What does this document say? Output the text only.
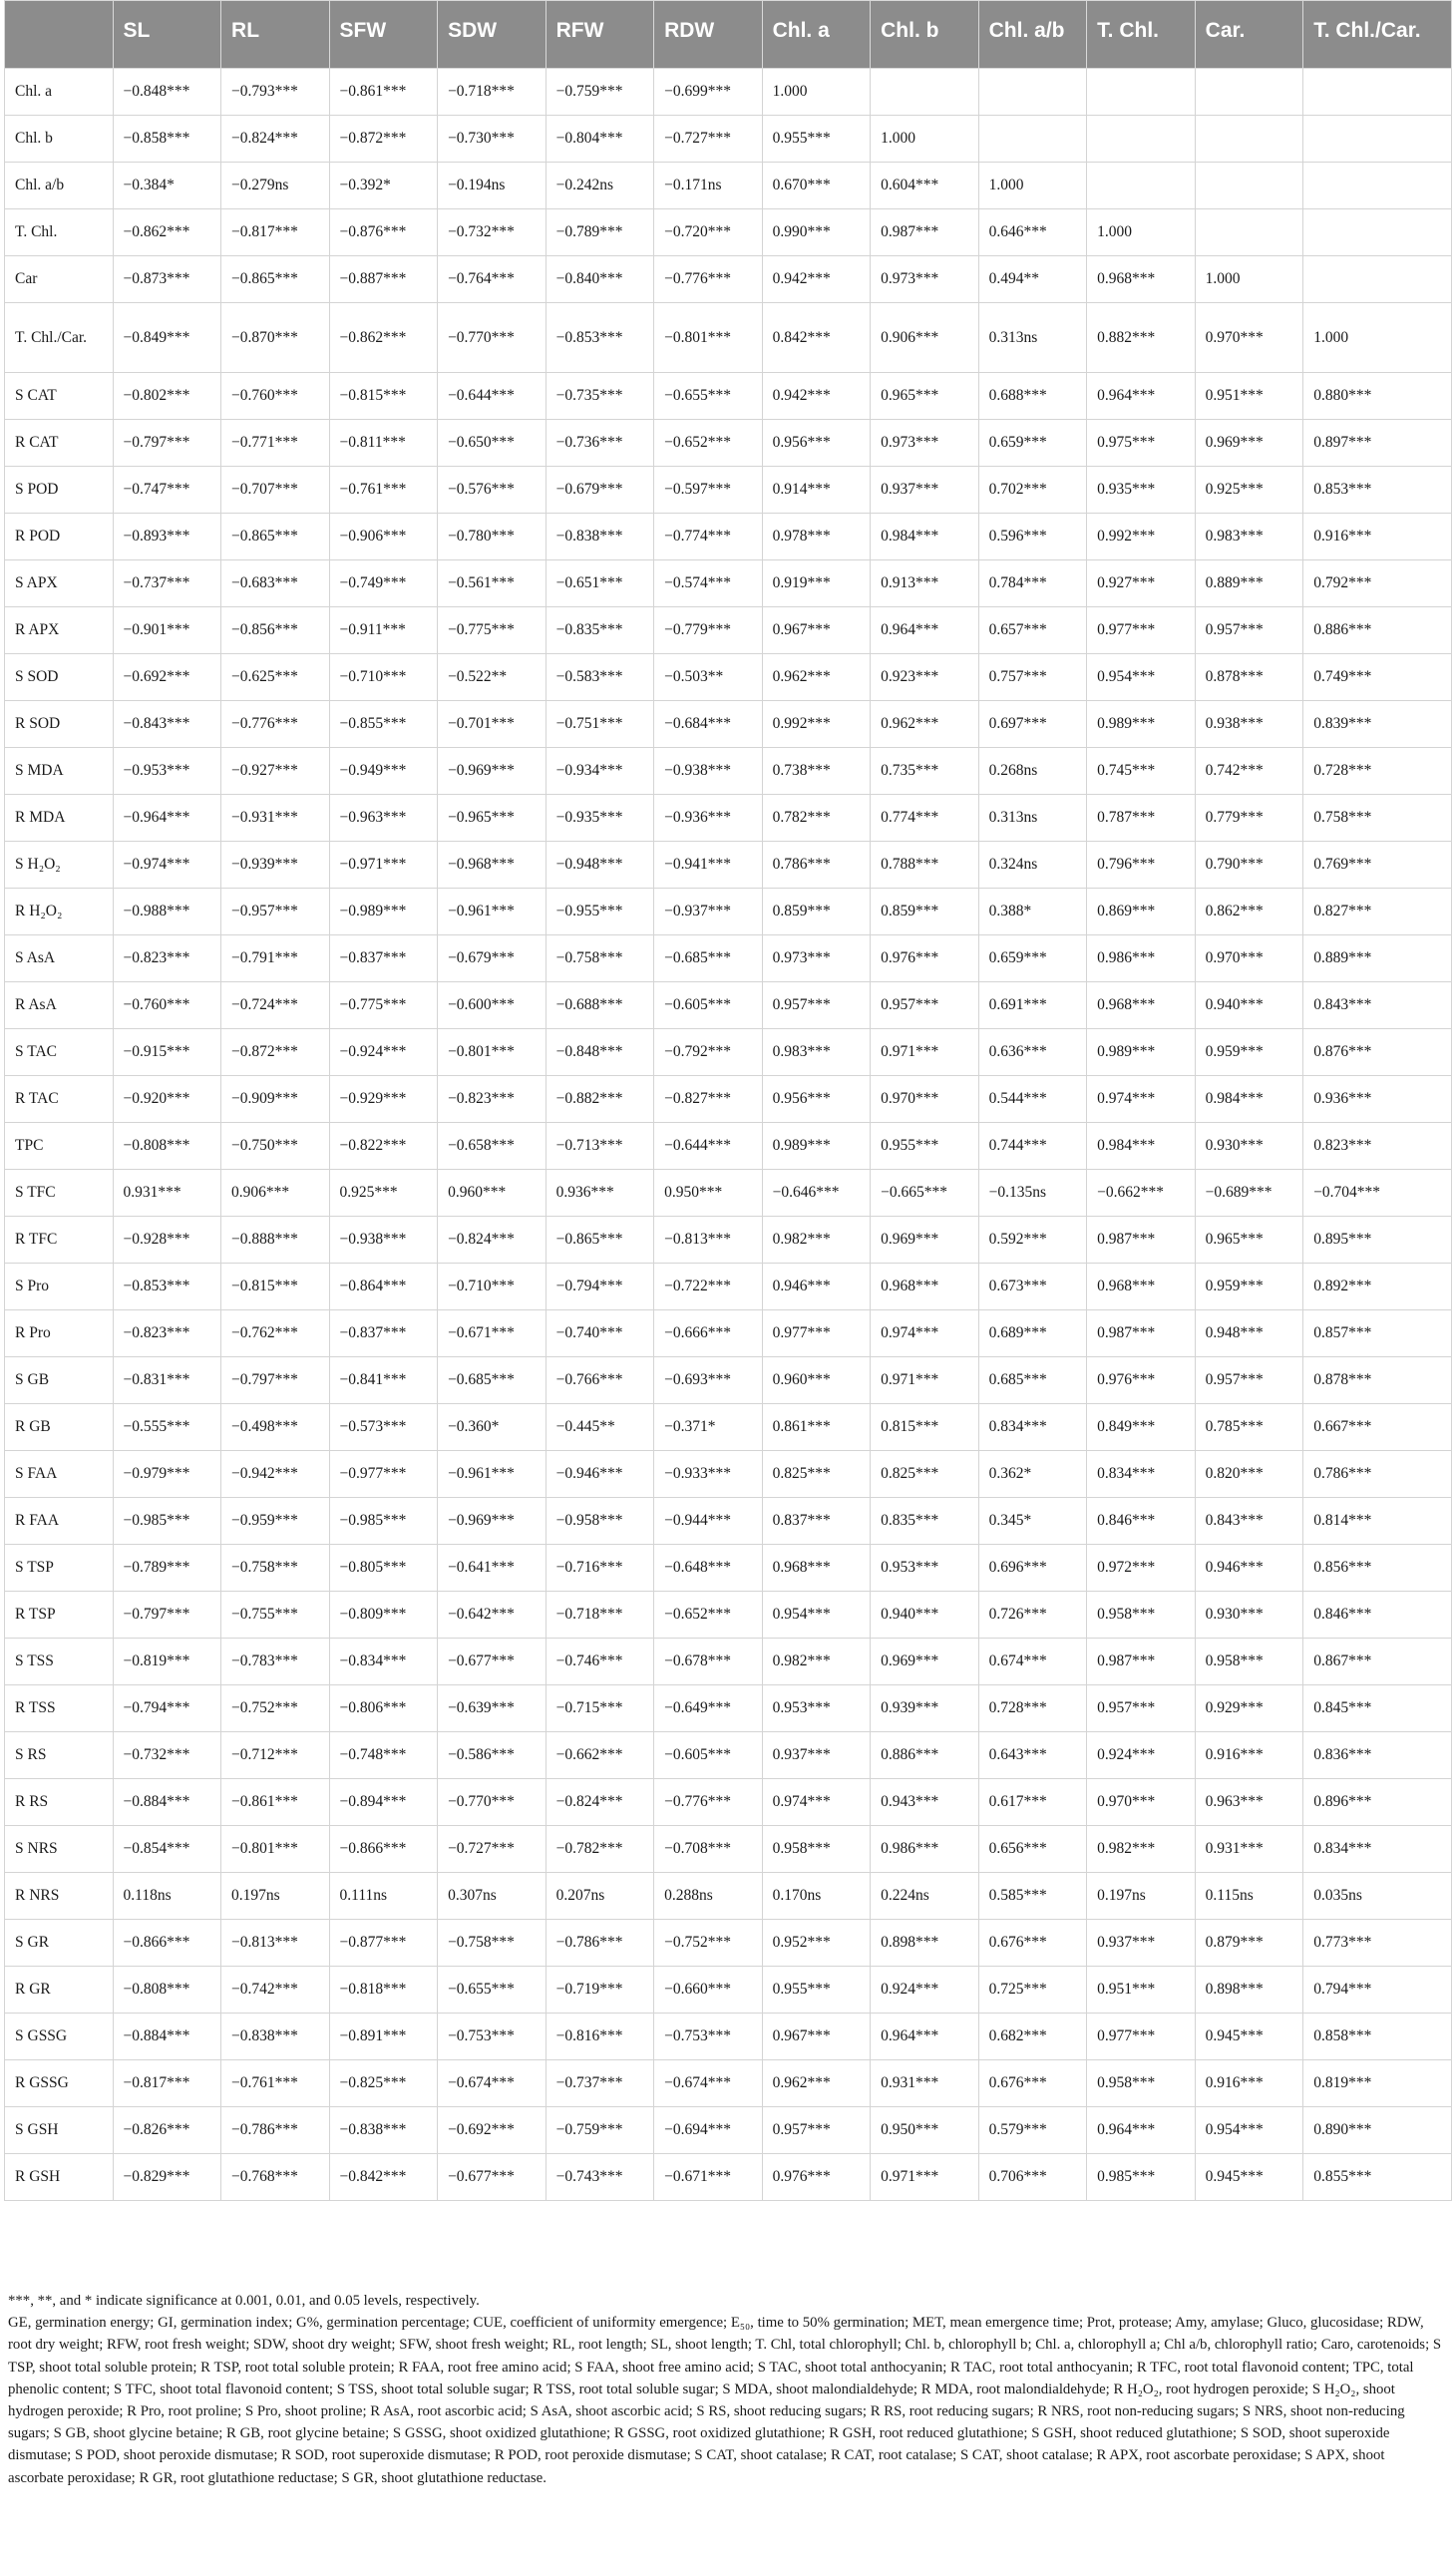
	SL	RL	SFW	SDW	RFW	RDW	Chl. a	Chl. b	Chl. a/b	T. Chl.	Car.	T. Chl./Car.
Chl. a	−0.848***	−0.793***	−0.861***	−0.718***	−0.759***	−0.699***	1.000					
Chl. b	−0.858***	−0.824***	−0.872***	−0.730***	−0.804***	−0.727***	0.955***	1.000				
Chl. a/b	−0.384*	−0.279ns	−0.392*	−0.194ns	−0.242ns	−0.171ns	0.670***	0.604***	1.000			
T. Chl.	−0.862***	−0.817***	−0.876***	−0.732***	−0.789***	−0.720***	0.990***	0.987***	0.646***	1.000		
Car	−0.873***	−0.865***	−0.887***	−0.764***	−0.840***	−0.776***	0.942***	0.973***	0.494**	0.968***	1.000	
T. Chl./Car.	−0.849***	−0.870***	−0.862***	−0.770***	−0.853***	−0.801***	0.842***	0.906***	0.313ns	0.882***	0.970***	1.000
S CAT	−0.802***	−0.760***	−0.815***	−0.644***	−0.735***	−0.655***	0.942***	0.965***	0.688***	0.964***	0.951***	0.880***
R CAT	−0.797***	−0.771***	−0.811***	−0.650***	−0.736***	−0.652***	0.956***	0.973***	0.659***	0.975***	0.969***	0.897***
S POD	−0.747***	−0.707***	−0.761***	−0.576***	−0.679***	−0.597***	0.914***	0.937***	0.702***	0.935***	0.925***	0.853***
R POD	−0.893***	−0.865***	−0.906***	−0.780***	−0.838***	−0.774***	0.978***	0.984***	0.596***	0.992***	0.983***	0.916***
S APX	−0.737***	−0.683***	−0.749***	−0.561***	−0.651***	−0.574***	0.919***	0.913***	0.784***	0.927***	0.889***	0.792***
R APX	−0.901***	−0.856***	−0.911***	−0.775***	−0.835***	−0.779***	0.967***	0.964***	0.657***	0.977***	0.957***	0.886***
S SOD	−0.692***	−0.625***	−0.710***	−0.522**	−0.583***	−0.503**	0.962***	0.923***	0.757***	0.954***	0.878***	0.749***
R SOD	−0.843***	−0.776***	−0.855***	−0.701***	−0.751***	−0.684***	0.992***	0.962***	0.697***	0.989***	0.938***	0.839***
S MDA	−0.953***	−0.927***	−0.949***	−0.969***	−0.934***	−0.938***	0.738***	0.735***	0.268ns	0.745***	0.742***	0.728***
R MDA	−0.964***	−0.931***	−0.963***	−0.965***	−0.935***	−0.936***	0.782***	0.774***	0.313ns	0.787***	0.779***	0.758***
S H₂O₂	−0.974***	−0.939***	−0.971***	−0.968***	−0.948***	−0.941***	0.786***	0.788***	0.324ns	0.796***	0.790***	0.769***
R H₂O₂	−0.988***	−0.957***	−0.989***	−0.961***	−0.955***	−0.937***	0.859***	0.859***	0.388*	0.869***	0.862***	0.827***
S AsA	−0.823***	−0.791***	−0.837***	−0.679***	−0.758***	−0.685***	0.973***	0.976***	0.659***	0.986***	0.970***	0.889***
R AsA	−0.760***	−0.724***	−0.775***	−0.600***	−0.688***	−0.605***	0.957***	0.957***	0.691***	0.968***	0.940***	0.843***
S TAC	−0.915***	−0.872***	−0.924***	−0.801***	−0.848***	−0.792***	0.983***	0.971***	0.636***	0.989***	0.959***	0.876***
R TAC	−0.920***	−0.909***	−0.929***	−0.823***	−0.882***	−0.827***	0.956***	0.970***	0.544***	0.974***	0.984***	0.936***
TPC	−0.808***	−0.750***	−0.822***	−0.658***	−0.713***	−0.644***	0.989***	0.955***	0.744***	0.984***	0.930***	0.823***
S TFC	0.931***	0.906***	0.925***	0.960***	0.936***	0.950***	−0.646***	−0.665***	−0.135ns	−0.662***	−0.689***	−0.704***
R TFC	−0.928***	−0.888***	−0.938***	−0.824***	−0.865***	−0.813***	0.982***	0.969***	0.592***	0.987***	0.965***	0.895***
S Pro	−0.853***	−0.815***	−0.864***	−0.710***	−0.794***	−0.722***	0.946***	0.968***	0.673***	0.968***	0.959***	0.892***
R Pro	−0.823***	−0.762***	−0.837***	−0.671***	−0.740***	−0.666***	0.977***	0.974***	0.689***	0.987***	0.948***	0.857***
S GB	−0.831***	−0.797***	−0.841***	−0.685***	−0.766***	−0.693***	0.960***	0.971***	0.685***	0.976***	0.957***	0.878***
R GB	−0.555***	−0.498***	−0.573***	−0.360*	−0.445**	−0.371*	0.861***	0.815***	0.834***	0.849***	0.785***	0.667***
S FAA	−0.979***	−0.942***	−0.977***	−0.961***	−0.946***	−0.933***	0.825***	0.825***	0.362*	0.834***	0.820***	0.786***
R FAA	−0.985***	−0.959***	−0.985***	−0.969***	−0.958***	−0.944***	0.837***	0.835***	0.345*	0.846***	0.843***	0.814***
S TSP	−0.789***	−0.758***	−0.805***	−0.641***	−0.716***	−0.648***	0.968***	0.953***	0.696***	0.972***	0.946***	0.856***
R TSP	−0.797***	−0.755***	−0.809***	−0.642***	−0.718***	−0.652***	0.954***	0.940***	0.726***	0.958***	0.930***	0.846***
S TSS	−0.819***	−0.783***	−0.834***	−0.677***	−0.746***	−0.678***	0.982***	0.969***	0.674***	0.987***	0.958***	0.867***
R TSS	−0.794***	−0.752***	−0.806***	−0.639***	−0.715***	−0.649***	0.953***	0.939***	0.728***	0.957***	0.929***	0.845***
S RS	−0.732***	−0.712***	−0.748***	−0.586***	−0.662***	−0.605***	0.937***	0.886***	0.643***	0.924***	0.916***	0.836***
R RS	−0.884***	−0.861***	−0.894***	−0.770***	−0.824***	−0.776***	0.974***	0.943***	0.617***	0.970***	0.963***	0.896***
S NRS	−0.854***	−0.801***	−0.866***	−0.727***	−0.782***	−0.708***	0.958***	0.986***	0.656***	0.982***	0.931***	0.834***
R NRS	0.118ns	0.197ns	0.111ns	0.307ns	0.207ns	0.288ns	0.170ns	0.224ns	0.585***	0.197ns	0.115ns	0.035ns
S GR	−0.866***	−0.813***	−0.877***	−0.758***	−0.786***	−0.752***	0.952***	0.898***	0.676***	0.937***	0.879***	0.773***
R GR	−0.808***	−0.742***	−0.818***	−0.655***	−0.719***	−0.660***	0.955***	0.924***	0.725***	0.951***	0.898***	0.794***
S GSSG	−0.884***	−0.838***	−0.891***	−0.753***	−0.816***	−0.753***	0.967***	0.964***	0.682***	0.977***	0.945***	0.858***
R GSSG	−0.817***	−0.761***	−0.825***	−0.674***	−0.737***	−0.674***	0.962***	0.931***	0.676***	0.958***	0.916***	0.819***
S GSH	−0.826***	−0.786***	−0.838***	−0.692***	−0.759***	−0.694***	0.957***	0.950***	0.579***	0.964***	0.954***	0.890***
R GSH	−0.829***	−0.768***	−0.842***	−0.677***	−0.743***	−0.671***	0.976***	0.971***	0.706***	0.985***	0.945***	0.855***

***, **, and * indicate significance at 0.001, 0.01, and 0.05 levels, respectively.

GE, germination energy; GI, germination index; G%, germination percentage; CUE, coefficient of uniformity emergence; E₅₀, time to 50% germination; MET, mean emergence time; Prot, protease; Amy, amylase; Gluco, glucosidase; RDW, root dry weight; RFW, root fresh weight; SDW, shoot dry weight; SFW, shoot fresh weight; RL, root length; SL, shoot length; T. Chl, total chlorophyll; Chl. b, chlorophyll b; Chl. a, chlorophyll a; Chl a/b, chlorophyll ratio; Caro, carotenoids; S TSP, shoot total soluble protein; R TSP, root total soluble protein; R FAA, root free amino acid; S FAA, shoot free amino acid; S TAC, shoot total anthocyanin; R TAC, root total anthocyanin; R TFC, root total flavonoid content; TPC, total phenolic content; S TFC, shoot total flavonoid content; S TSS, shoot total soluble sugar; R TSS, root total soluble sugar; S MDA, shoot malondialdehyde; R MDA, root malondialdehyde; R H₂O₂, root hydrogen peroxide; S H₂O₂, shoot hydrogen peroxide; R Pro, root proline; S Pro, shoot proline; R AsA, root ascorbic acid; S AsA, shoot ascorbic acid; S RS, shoot reducing sugars; R RS, root reducing sugars; R NRS, root non-reducing sugars; S NRS, shoot non-reducing sugars; S GB, shoot glycine betaine; R GB, root glycine betaine; S GSSG, shoot oxidized glutathione; R GSSG, root oxidized glutathione; R GSH, root reduced glutathione; S GSH, shoot reduced glutathione; S SOD, shoot superoxide dismutase; S POD, shoot peroxide dismutase; R SOD, root superoxide dismutase; R POD, root peroxide dismutase; S CAT, shoot catalase; R CAT, root catalase; S CAT, shoot catalase; R APX, root ascorbate peroxidase; S APX, shoot ascorbate peroxidase; R GR, root glutathione reductase; S GR, shoot glutathione reductase.
